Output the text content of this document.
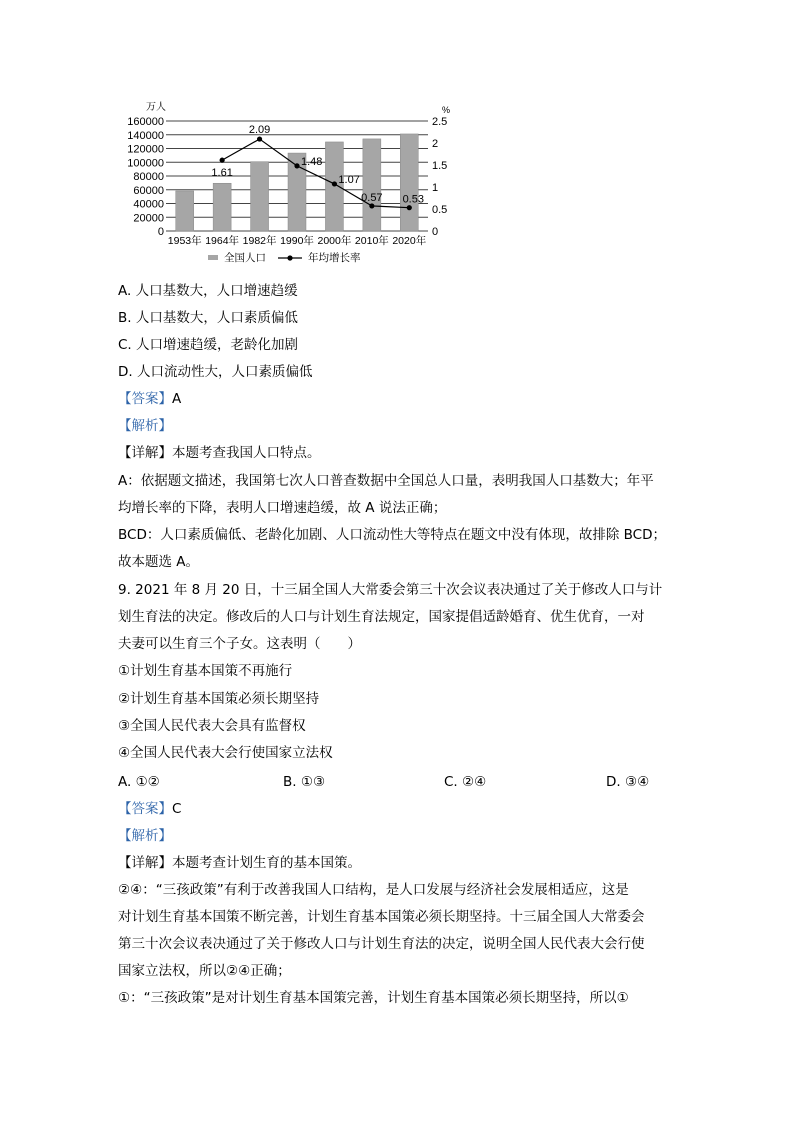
0
20000
40000
60000
80000
100000
120000
140000
160000
0
0.5
1
1.5
2
2.5
万人	%
1953年 1964年 1982年 1990年 2000年 2010年 2020年
1.61
2.09
1.48
1.07
0.57 0.53
全国人口	年均增长率
A. 人口基数大，人口增速趋缓
B. 人口基数大，人口素质偏低
C. 人口增速趋缓，老龄化加剧
D. 人口流动性大，人口素质偏低
【答案】A
【解析】
【详解】本题考查我国人口特点。
A：依据题文描述，我国第七次人口普查数据中全国总人口量，表明我国人口基数大；年平
均增长率的下降，表明人口增速趋缓，故 A 说法正确；
BCD：人口素质偏低、老龄化加剧、人口流动性大等特点在题文中没有体现，故排除 BCD；
故本题选 A。
9. 2021 年 8 月 20 日，十三届全国人大常委会第三十次会议表决通过了关于修改人口与计
划生育法的决定。修改后的人口与计划生育法规定，国家提倡适龄婚育、优生优育，一对
夫妻可以生育三个子女。这表明（　　）
①计划生育基本国策不再施行
②计划生育基本国策必须长期坚持
③全国人民代表大会具有监督权
④全国人民代表大会行使国家立法权
A. ①②	B. ①③	C. ②④	D. ③④
【答案】C
【解析】
【详解】本题考查计划生育的基本国策。
②④：“三孩政策”有利于改善我国人口结构，是人口发展与经济社会发展相适应，这是
对计划生育基本国策不断完善，计划生育基本国策必须长期坚持。十三届全国人大常委会
第三十次会议表决通过了关于修改人口与计划生育法的决定，说明全国人民代表大会行使
国家立法权，所以②④正确；
①：“三孩政策”是对计划生育基本国策完善，计划生育基本国策必须长期坚持，所以①
